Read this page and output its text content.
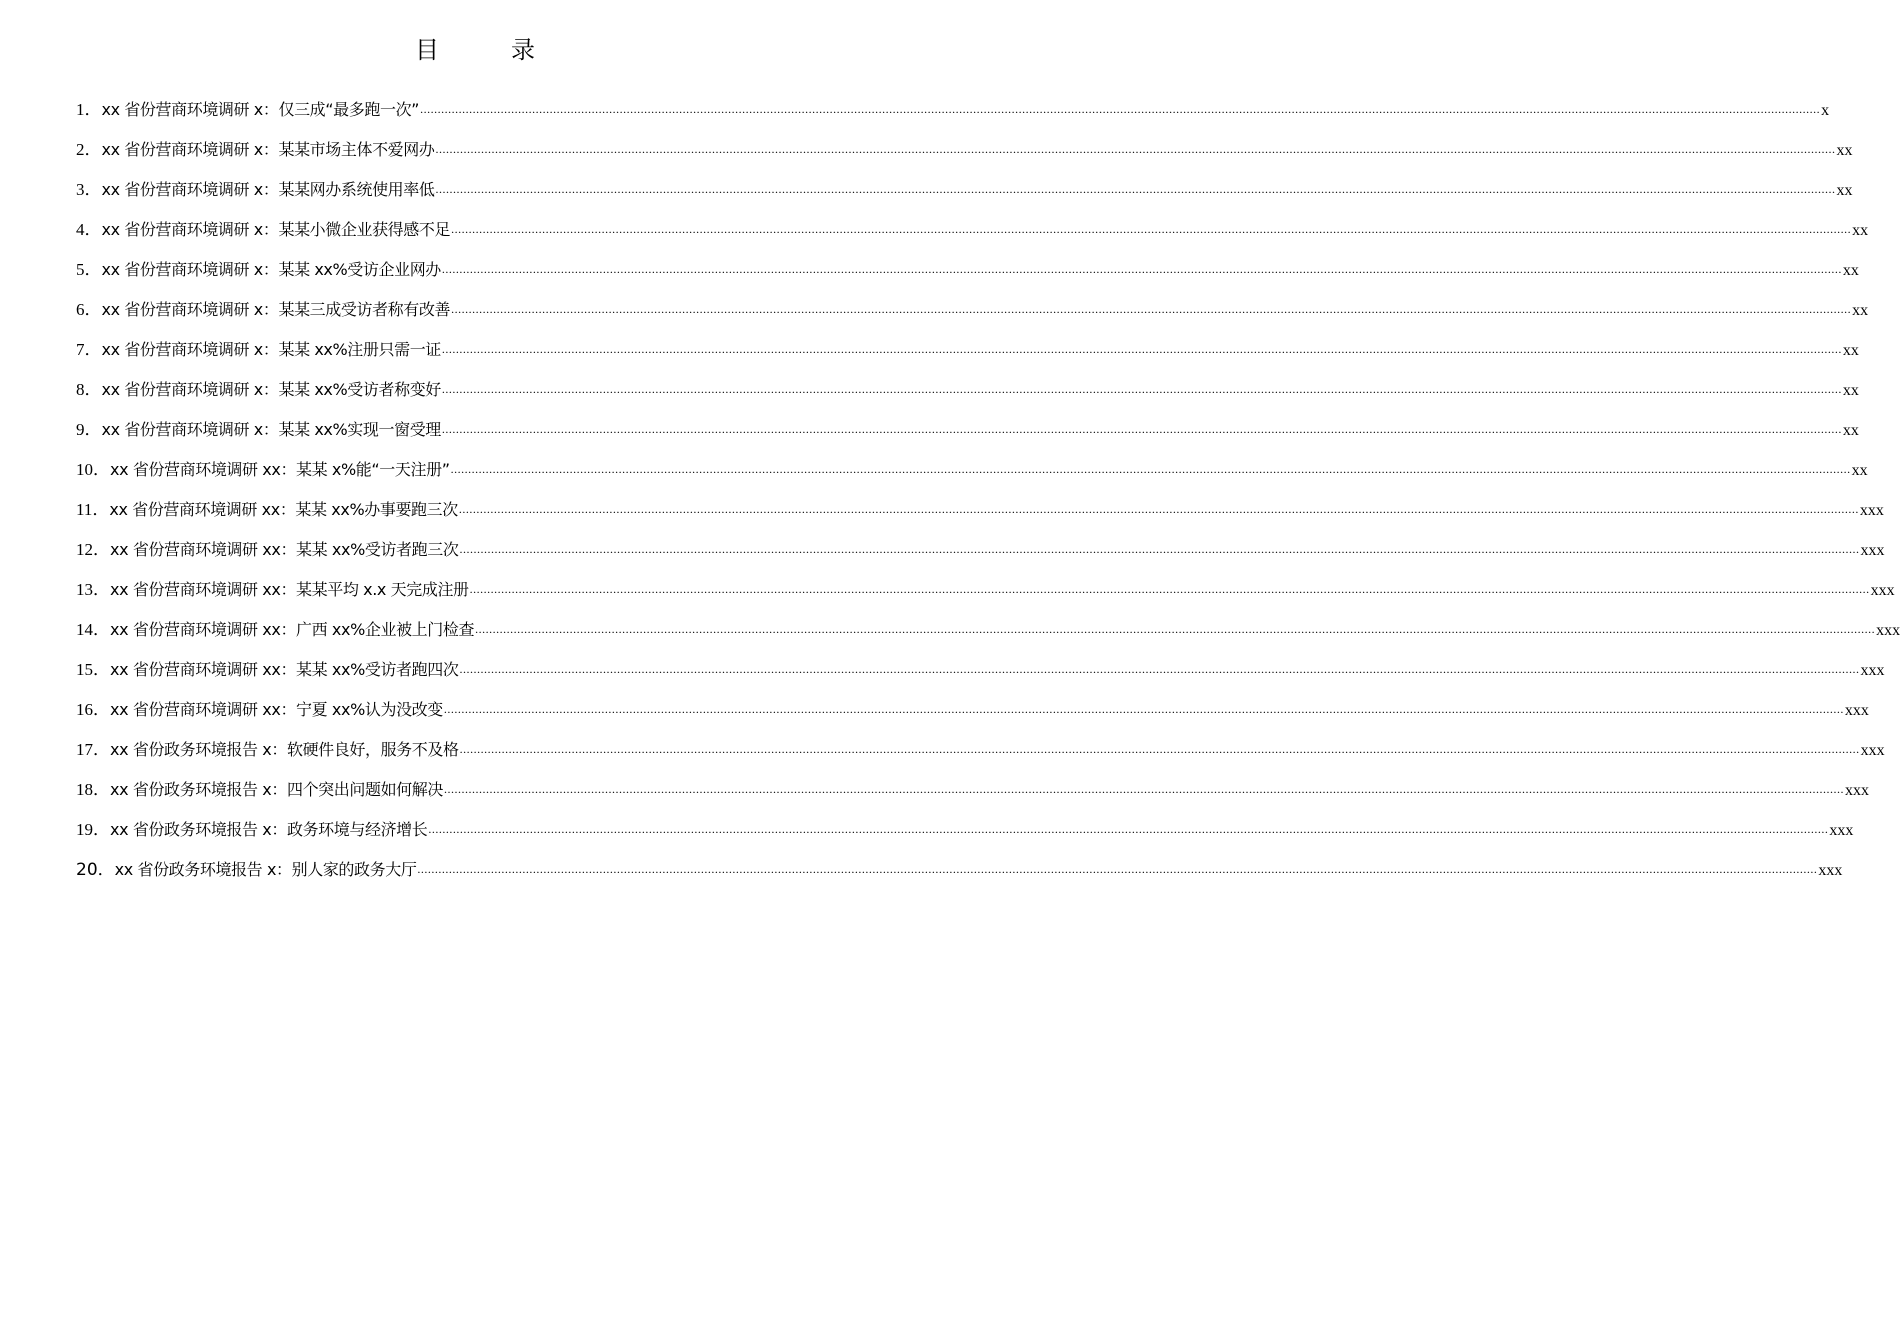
目　录
1． xx 省份营商环境调研 x：仅三成“最多跑一次” ................................................................................................................................................................................................................................................................................................................................................................................................................ x
2． xx 省份营商环境调研 x：某某市场主体不爱网办 ................................................................................................................................................................................................................................................................................................................................................................................................................ xx
3． xx 省份营商环境调研 x：某某网办系统使用率低 ................................................................................................................................................................................................................................................................................................................................................................................................................ xx
4． xx 省份营商环境调研 x：某某小微企业获得感不足 ................................................................................................................................................................................................................................................................................................................................................................................................................ xx
5． xx 省份营商环境调研 x：某某 xx%受访企业网办 ................................................................................................................................................................................................................................................................................................................................................................................................................ xx
6． xx 省份营商环境调研 x：某某三成受访者称有改善 ................................................................................................................................................................................................................................................................................................................................................................................................................ xx
7． xx 省份营商环境调研 x：某某 xx%注册只需一证 ................................................................................................................................................................................................................................................................................................................................................................................................................ xx
8． xx 省份营商环境调研 x：某某 xx%受访者称变好 ................................................................................................................................................................................................................................................................................................................................................................................................................ xx
9． xx 省份营商环境调研 x：某某 xx%实现一窗受理 ................................................................................................................................................................................................................................................................................................................................................................................................................ xx
10． xx 省份营商环境调研 xx：某某 x%能“一天注册” ................................................................................................................................................................................................................................................................................................................................................................................................................ xx
11． xx 省份营商环境调研 xx：某某 xx%办事要跑三次 ................................................................................................................................................................................................................................................................................................................................................................................................................ xxx
12． xx 省份营商环境调研 xx：某某 xx%受访者跑三次 ................................................................................................................................................................................................................................................................................................................................................................................................................ xxx
13． xx 省份营商环境调研 xx：某某平均 x.x 天完成注册 ................................................................................................................................................................................................................................................................................................................................................................................................................ xxx
14． xx 省份营商环境调研 xx：广西 xx%企业被上门检查 ................................................................................................................................................................................................................................................................................................................................................................................................................ xxx
15． xx 省份营商环境调研 xx：某某 xx%受访者跑四次 ................................................................................................................................................................................................................................................................................................................................................................................................................ xxx
16． xx 省份营商环境调研 xx：宁夏 xx%认为没改变 ................................................................................................................................................................................................................................................................................................................................................................................................................ xxx
17． xx 省份政务环境报告 x：软硬件良好，服务不及格 ................................................................................................................................................................................................................................................................................................................................................................................................................ xxx
18． xx 省份政务环境报告 x：四个突出问题如何解决 ................................................................................................................................................................................................................................................................................................................................................................................................................ xxx
19． xx 省份政务环境报告 x：政务环境与经济增长 ................................................................................................................................................................................................................................................................................................................................................................................................................ xxx
20． xx 省份政务环境报告 x：别人家的政务大厅 ................................................................................................................................................................................................................................................................................................................................................................................................................ xxx
